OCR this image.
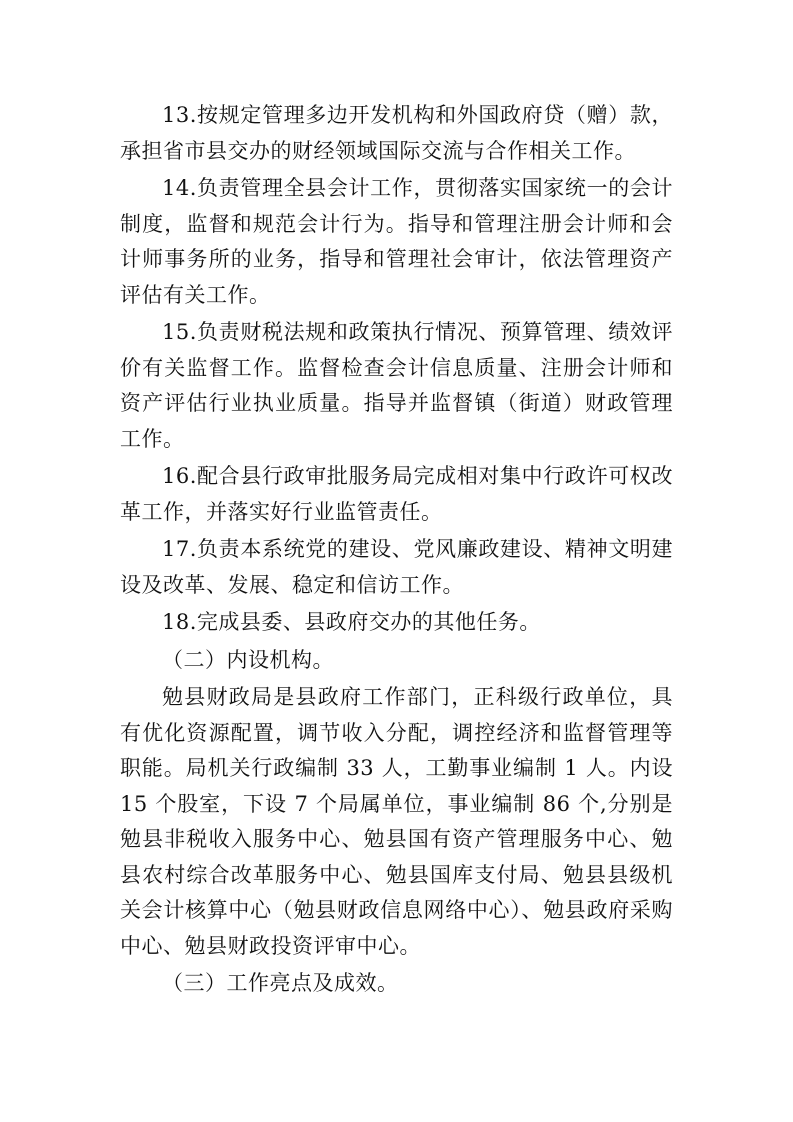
13.按规定管理多边开发机构和外国政府贷（赠）款，承担省市县交办的财经领域国际交流与合作相关工作。

14.负责管理全县会计工作，贯彻落实国家统一的会计制度，监督和规范会计行为。指导和管理注册会计师和会计师事务所的业务，指导和管理社会审计，依法管理资产评估有关工作。

15.负责财税法规和政策执行情况、预算管理、绩效评价有关监督工作。监督检查会计信息质量、注册会计师和资产评估行业执业质量。指导并监督镇（街道）财政管理工作。

16.配合县行政审批服务局完成相对集中行政许可权改革工作，并落实好行业监管责任。

17.负责本系统党的建设、党风廉政建设、精神文明建设及改革、发展、稳定和信访工作。

18.完成县委、县政府交办的其他任务。

（二）内设机构。

勉县财政局是县政府工作部门，正科级行政单位，具有优化资源配置，调节收入分配，调控经济和监督管理等职能。局机关行政编制 33 人，工勤事业编制 1 人。内设 15 个股室，下设 7 个局属单位，事业编制 86 个,分别是勉县非税收入服务中心、勉县国有资产管理服务中心、勉县农村综合改革服务中心、勉县国库支付局、勉县县级机关会计核算中心（勉县财政信息网络中心）、勉县政府采购中心、勉县财政投资评审中心。

（三）工作亮点及成效。
